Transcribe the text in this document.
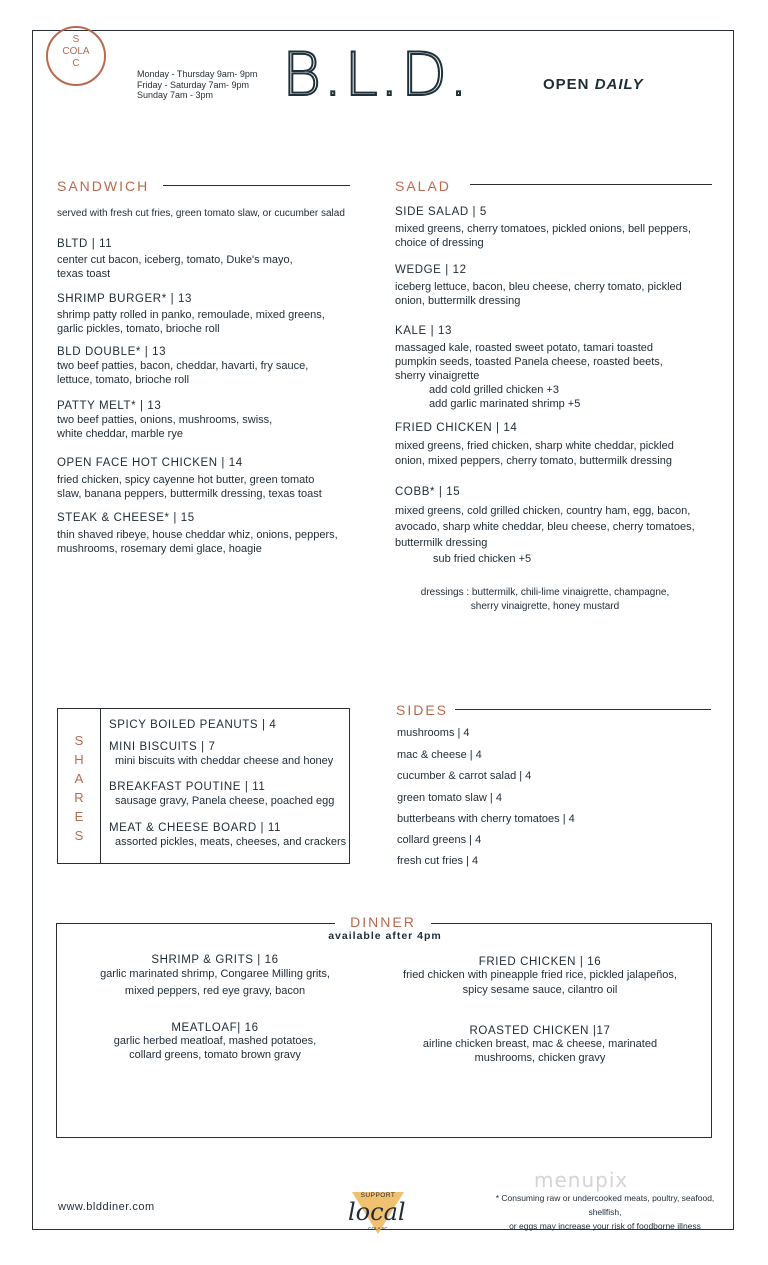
S
COLA
C
Monday - Thursday 9am- 9pm
Friday - Saturday 7am- 9pm
Sunday 7am - 3pm	B.L.D.	OPEN DAILY
SANDWICH
served with fresh cut fries, green tomato slaw, or cucumber salad
BLTD | 11
center cut bacon, iceberg, tomato, Duke's mayo,
texas toast
SHRIMP BURGER* | 13
shrimp patty rolled in panko, remoulade, mixed greens,
garlic pickles, tomato, brioche roll
BLD DOUBLE* | 13
two beef patties, bacon, cheddar, havarti, fry sauce,
lettuce, tomato, brioche roll
PATTY MELT* | 13
two beef patties, onions, mushrooms, swiss,
white cheddar, marble rye
OPEN FACE HOT CHICKEN | 14
fried chicken, spicy cayenne hot butter, green tomato
slaw, banana peppers, buttermilk dressing, texas toast
STEAK & CHEESE* | 15
thin shaved ribeye, house cheddar whiz, onions, peppers,
mushrooms, rosemary demi glace, hoagie
SALAD
SIDE SALAD | 5
mixed greens, cherry tomatoes, pickled onions, bell peppers,
choice of dressing
WEDGE | 12
iceberg lettuce, bacon, bleu cheese, cherry tomato, pickled
onion, buttermilk dressing
KALE | 13
massaged kale, roasted sweet potato, tamari toasted
pumpkin seeds, toasted Panela cheese, roasted beets,
sherry vinaigrette
add cold grilled chicken +3
add garlic marinated shrimp +5
FRIED CHICKEN | 14
mixed greens, fried chicken, sharp white cheddar, pickled
onion, mixed peppers, cherry tomato, buttermilk dressing
COBB* | 15
mixed greens, cold grilled chicken, country ham, egg, bacon,
avocado, sharp white cheddar, bleu cheese, cherry tomatoes,
buttermilk dressing
sub fried chicken +5
dressings : buttermilk, chili-lime vinaigrette, champagne,
sherry vinaigrette, honey mustard
S
H
A
R
E
S
SPICY BOILED PEANUTS | 4
MINI BISCUITS | 7
mini biscuits with cheddar cheese and honey
BREAKFAST POUTINE | 11
sausage gravy, Panela cheese, poached egg
MEAT & CHEESE BOARD | 11
assorted pickles, meats, cheeses, and crackers
SIDES
mushrooms | 4
mac & cheese | 4
cucumber & carrot salad | 4
green tomato slaw | 4
butterbeans with cherry tomatoes | 4
collard greens | 4
fresh cut fries | 4
DINNER
available after 4pm
SHRIMP & GRITS | 16
garlic marinated shrimp, Congaree Milling grits,
mixed peppers, red eye gravy, bacon
FRIED CHICKEN | 16
fried chicken with pineapple fried rice, pickled jalapeños,
spicy sesame sauce, cilantro oil
MEATLOAF| 16
garlic herbed meatloaf, mashed potatoes,
collard greens, tomato brown gravy
ROASTED CHICKEN |17
airline chicken breast, mac & cheese, marinated
mushrooms, chicken gravy
www.blddiner.com
SUPPORT
local
COLA SC
menupix
* Consuming raw or undercooked meats, poultry, seafood, shellfish,
or eggs may increase your risk of foodborne illness
